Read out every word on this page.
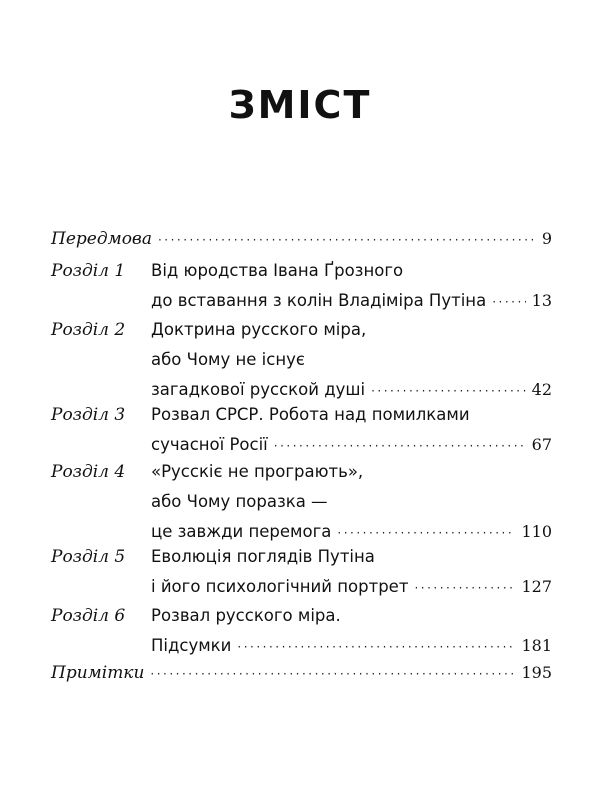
ЗМІСТ
Передмова ·····	9
Розділ 1 Від юродства Івана Ґрозного
до вставання з колін Владіміра Путіна ·····	13
Розділ 2 Доктрина русского міра,
або Чому не існує
загадкової русской душі ·····	42
Розділ 3 Розвал СРСР. Робота над помилками
сучасної Росії ·····	67
Розділ 4 «Русскіє не програють»,
або Чому поразка —
це завжди перемога ·····	110
Розділ 5 Еволюція поглядів Путіна
і його психологічний портрет ·····	127
Розділ 6 Розвал русского міра.
Підсумки ·····	181
Примітки ·····	195
